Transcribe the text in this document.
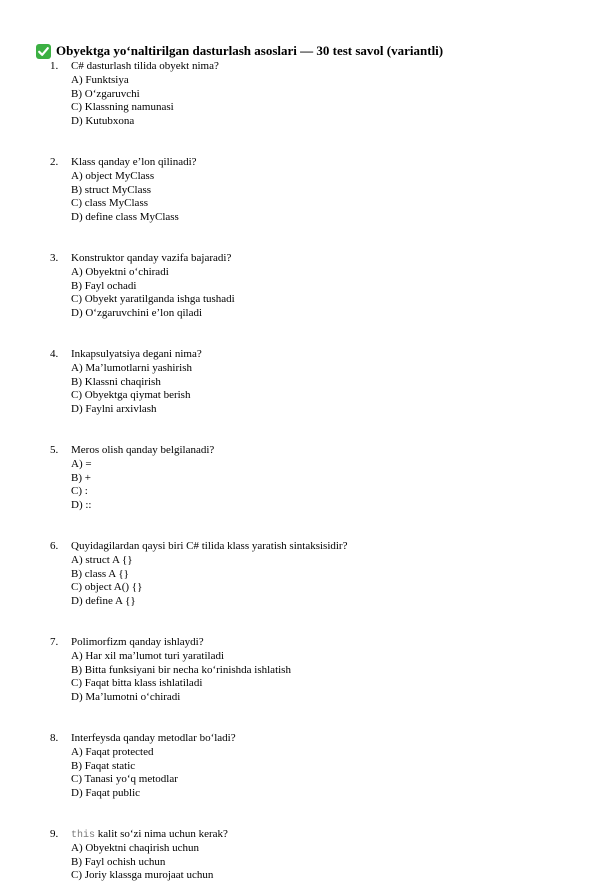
Obyektga yo‘naltirilgan dasturlash asoslari — 30 test savol (variantli)
1.	C# dasturlash tilida obyekt nima?
A) Funktsiya
B) O‘zgaruvchi
C) Klassning namunasi
D) Kutubxona
2.	Klass qanday e’lon qilinadi?
A) object MyClass
B) struct MyClass
C) class MyClass
D) define class MyClass
3.	Konstruktor qanday vazifa bajaradi?
A) Obyektni o‘chiradi
B) Fayl ochadi
C) Obyekt yaratilganda ishga tushadi
D) O‘zgaruvchini e’lon qiladi
4.	Inkapsulyatsiya degani nima?
A) Ma’lumotlarni yashirish
B) Klassni chaqirish
C) Obyektga qiymat berish
D) Faylni arxivlash
5.	Meros olish qanday belgilanadi?
A) =
B) +
C) :
D) ::
6.	Quyidagilardan qaysi biri C# tilida klass yaratish sintaksisidir?
A) struct A {}
B) class A {}
C) object A() {}
D) define A {}
7.	Polimorfizm qanday ishlaydi?
A) Har xil ma’lumot turi yaratiladi
B) Bitta funksiyani bir necha ko‘rinishda ishlatish
C) Faqat bitta klass ishlatiladi
D) Ma’lumotni o‘chiradi
8.	Interfeysda qanday metodlar bo‘ladi?
A) Faqat protected
B) Faqat static
C) Tanasi yo‘q metodlar
D) Faqat public
9.	this kalit so‘zi nima uchun kerak?
A) Obyektni chaqirish uchun
B) Fayl ochish uchun
C) Joriy klassga murojaat uchun
